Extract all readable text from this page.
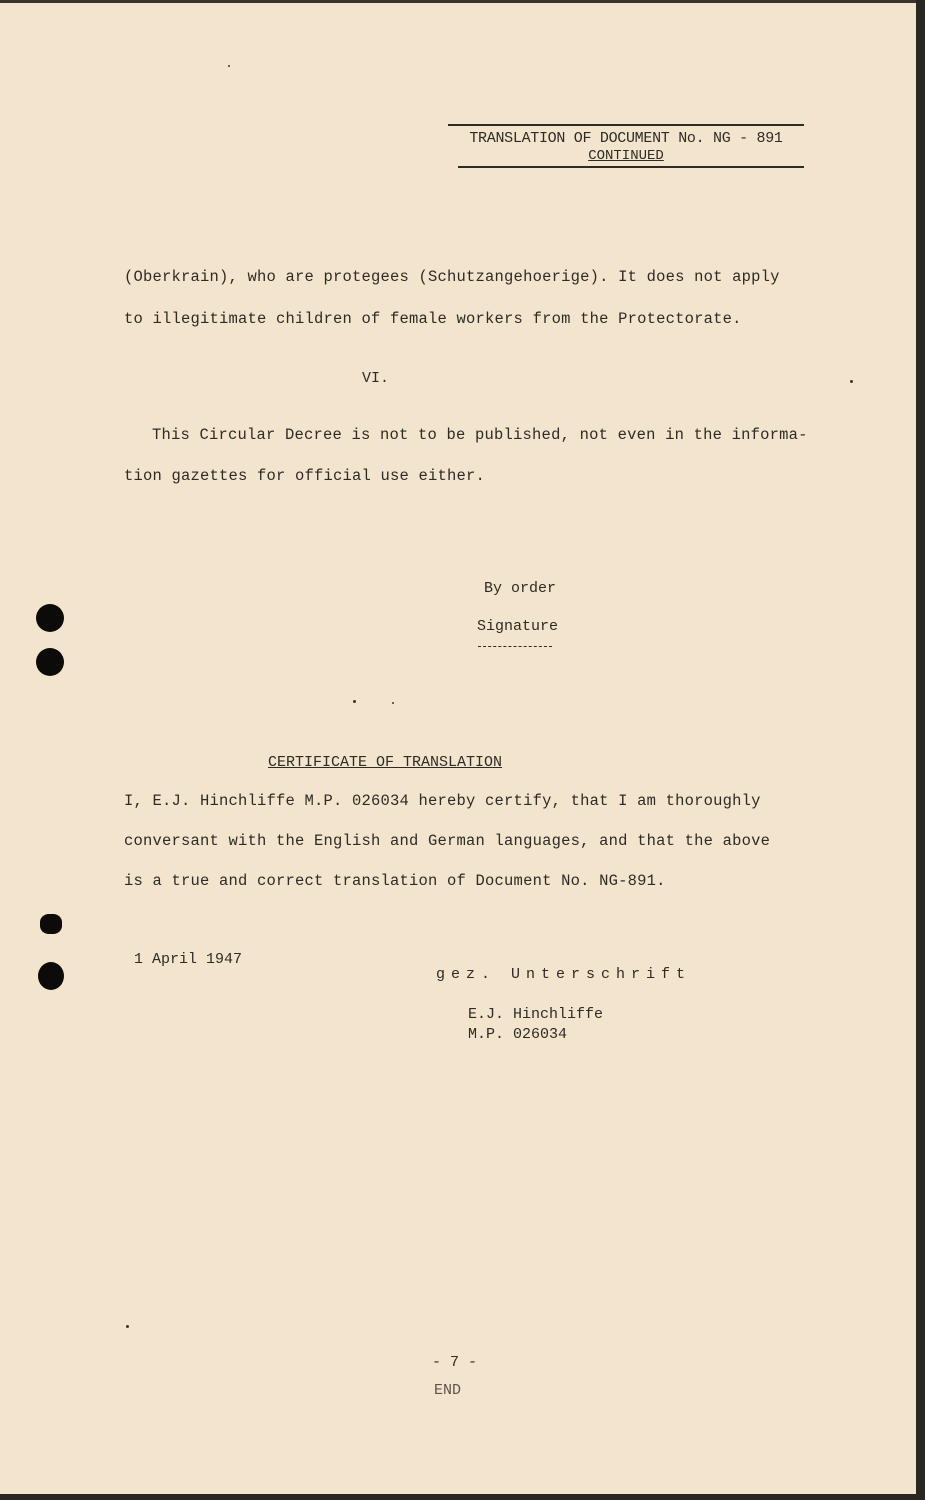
TRANSLATION OF DOCUMENT No. NG - 891
CONTINUED
(Oberkrain), who are protegees (Schutzangehoerige). It does not apply
to illegitimate children of female workers from the Protectorate.
VI.
This Circular Decree is not to be published, not even in the informa-
tion gazettes for official use either.
By order
Signature
CERTIFICATE OF TRANSLATION
I, E.J. Hinchliffe M.P. 026034 hereby certify, that I am thoroughly
conversant with the English and German languages, and that the above
is a true and correct translation of Document No. NG-891.
1 April 1947
gez. Unterschrift
E.J. Hinchliffe
M.P. 026034
- 7 -
END
